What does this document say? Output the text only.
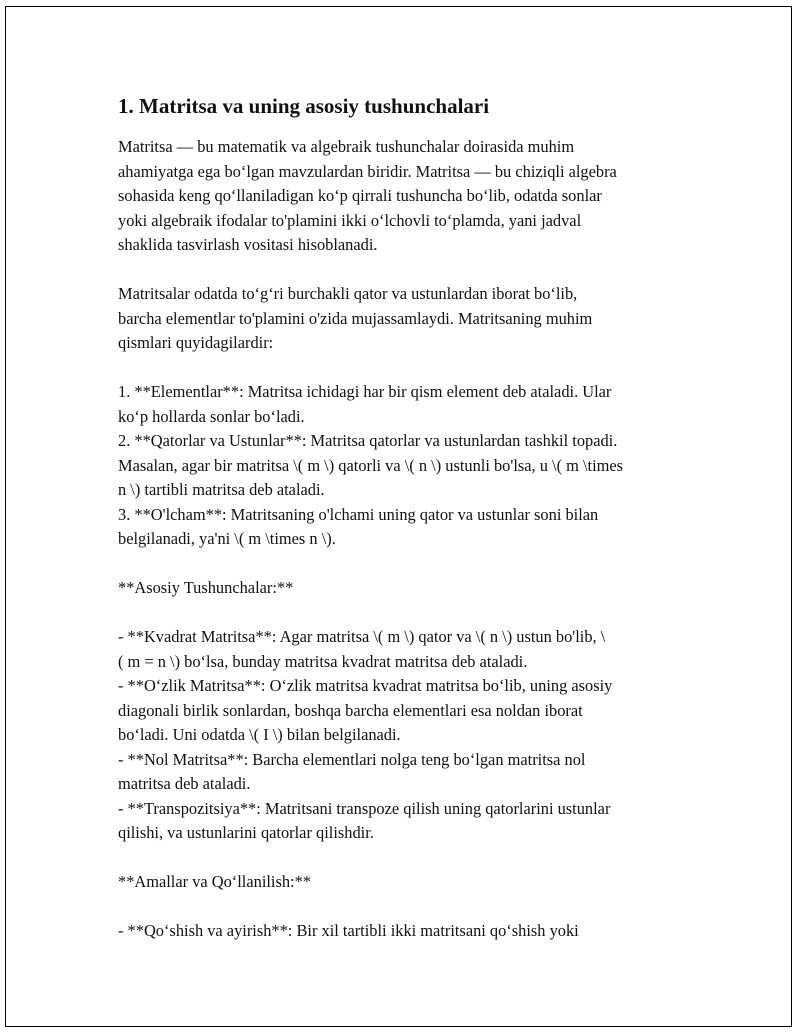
1. Matritsa va uning asosiy tushunchalari

Matritsa — bu matematik va algebraik tushunchalar doirasida muhim
ahamiyatga ega bo‘lgan mavzulardan biridir. Matritsa — bu chiziqli algebra
sohasida keng qo‘llaniladigan ko‘p qirrali tushuncha bo‘lib, odatda sonlar
yoki algebraik ifodalar to'plamini ikki o‘lchovli to‘plamda, yani jadval
shaklida tasvirlash vositasi hisoblanadi.

Matritsalar odatda to‘g‘ri burchakli qator va ustunlardan iborat bo‘lib,
barcha elementlar to'plamini o'zida mujassamlaydi. Matritsaning muhim
qismlari quyidagilardir:

1. **Elementlar**: Matritsa ichidagi har bir qism element deb ataladi. Ular
ko‘p hollarda sonlar bo‘ladi.
2. **Qatorlar va Ustunlar**: Matritsa qatorlar va ustunlardan tashkil topadi.
Masalan, agar bir matritsa \( m \) qatorli va \( n \) ustunli bo'lsa, u \( m \times
n \) tartibli matritsa deb ataladi.
3. **O'lcham**: Matritsaning o'lchami uning qator va ustunlar soni bilan
belgilanadi, ya'ni \( m \times n \).

**Asosiy Tushunchalar:**

- **Kvadrat Matritsa**: Agar matritsa \( m \) qator va \( n \) ustun bo'lib, \
( m = n \) bo‘lsa, bunday matritsa kvadrat matritsa deb ataladi.
- **O‘zlik Matritsa**: O‘zlik matritsa kvadrat matritsa bo‘lib, uning asosiy
diagonali birlik sonlardan, boshqa barcha elementlari esa noldan iborat
bo‘ladi. Uni odatda \( I \) bilan belgilanadi.
- **Nol Matritsa**: Barcha elementlari nolga teng bo‘lgan matritsa nol
matritsa deb ataladi.
- **Transpozitsiya**: Matritsani transpoze qilish uning qatorlarini ustunlar
qilishi, va ustunlarini qatorlar qilishdir.

**Amallar va Qo‘llanilish:**

- **Qo‘shish va ayirish**: Bir xil tartibli ikki matritsani qo‘shish yoki
